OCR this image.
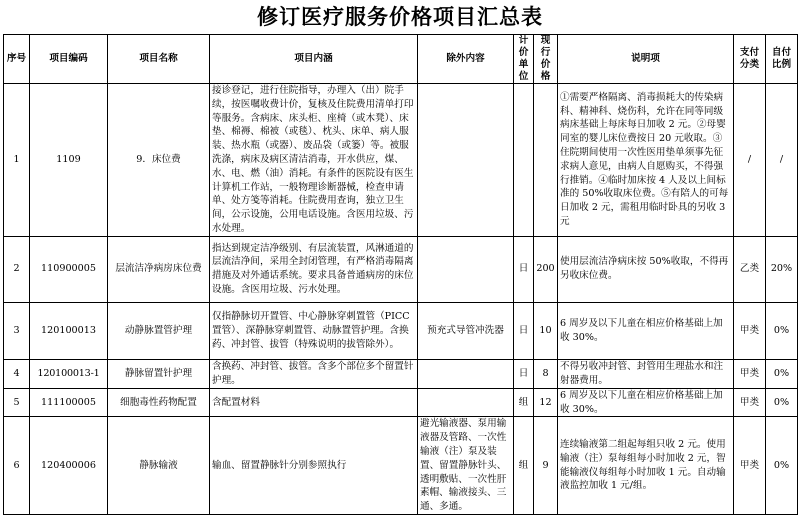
修订医疗服务价格项目汇总表
序号	项目编码	项目名称	项目内涵	除外内容	计价单位	现行价格	说明项	支付分类	自付比例
1	1109	9．床位费	接诊登记，进行住院指导，办理入（出）院手续，按医嘱收费计价，复核及住院费用清单打印等服务。含病床、床头柜、座椅（或木凳）、床垫、棉褥、棉被（或毯）、枕头、床单、病人服装、热水瓶（或器）、废品袋（或篓）等。被服洗涤，病床及病区清洁消毒，开水供应，煤、水、电、燃（油）消耗。有条件的医院设有医生计算机工作站，一般物理诊断器械，检查申请单、处方笺等消耗。住院费用查询，独立卫生间，公示设施，公用电话设施。含医用垃圾、污水处理。				①需要严格隔离、消毒损耗大的传染病科、精神科、烧伤科，允许在同等同级病床基础上每床每日加收 2 元。②母婴同室的婴儿床位费按日 20 元收取。③住院期间使用一次性医用垫单须事先征求病人意见，由病人自愿购买，不得强行推销。④临时加床按 4 人及以上间标准的 50%收取床位费。⑤有陪人的可每日加收 2 元，需租用临时卧具的另收 3 元	/	/
2	110900005	层流洁净病房床位费	指达到规定洁净级别、有层流装置，风淋通道的层流洁净间，采用全封闭管理，有严格消毒隔离措施及对外通话系统。要求具备普通病房的床位设施。含医用垃圾、污水处理。		日	200	使用层流洁净病床按 50%收取，不得再另收床位费。	乙类	20%
3	120100013	动静脉置管护理	仅指静脉切开置管、中心静脉穿刺置管（PICC 置管）、深静脉穿刺置管、动脉置管护理。含换药、冲封管、拔管（特殊说明的拔管除外）。	预充式导管冲洗器	日	10	6 周岁及以下儿童在相应价格基础上加收 30%。	甲类	0%
4	120100013-1	静脉留置针护理	含换药、冲封管、拔管。含多个部位多个留置针护理。		日	8	不得另收冲封管、封管用生理盐水和注射器费用。	甲类	0%
5	111100005	细胞毒性药物配置	含配置材料		组	12	6 周岁及以下儿童在相应价格基础上加收 30%。	甲类	0%
6	120400006	静脉输液	输血、留置静脉针分别参照执行	避光输液器、泵用输液器及管路、一次性输液（注）泵及装置、留置静脉针头、透明敷贴、一次性肝素帽、输液接头、三通、多通。	组	9	连续输液第二组起每组只收 2 元。使用输液（注）泵每组每小时加收 2 元，智能输液仪每组每小时加收 1 元。自动输液监控加收 1 元/组。	甲类	0%
